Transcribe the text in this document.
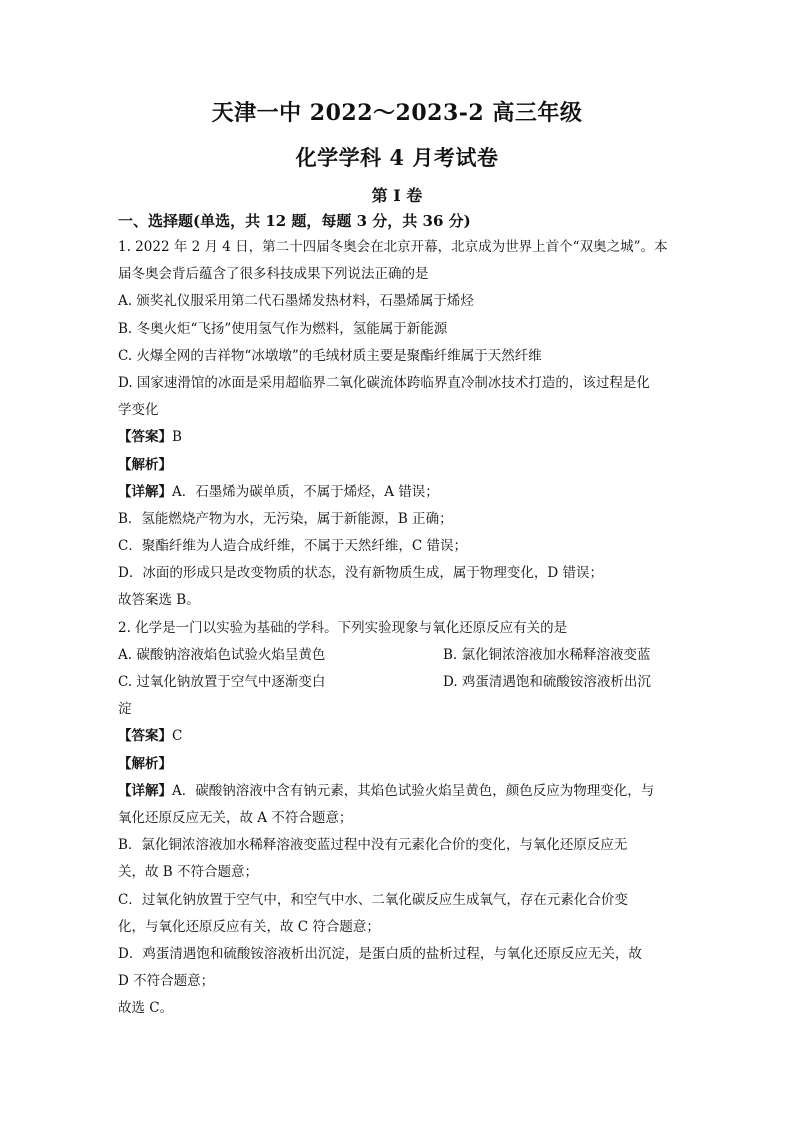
天津一中 2022～2023-2 高三年级
化学学科 4 月考试卷
第 I 卷
一、选择题(单选，共 12 题，每题 3 分，共 36 分)
1. 2022 年 2 月 4 日，第二十四届冬奥会在北京开幕，北京成为世界上首个“双奥之城”。本
届冬奥会背后蕴含了很多科技成果下列说法正确的是
A. 颁奖礼仪服采用第二代石墨烯发热材料，石墨烯属于烯烃
B. 冬奥火炬“飞扬”使用氢气作为燃料，氢能属于新能源
C. 火爆全网的吉祥物“冰墩墩”的毛绒材质主要是聚酯纤维属于天然纤维
D. 国家速滑馆的冰面是采用超临界二氧化碳流体跨临界直冷制冰技术打造的，该过程是化
学变化
【答案】B
【解析】
【详解】A．石墨烯为碳单质，不属于烯烃，A 错误；
B．氢能燃烧产物为水，无污染，属于新能源，B 正确；
C．聚酯纤维为人造合成纤维，不属于天然纤维，C 错误；
D．冰面的形成只是改变物质的状态，没有新物质生成，属于物理变化，D 错误；
故答案选 B。
2. 化学是一门以实验为基础的学科。下列实验现象与氧化还原反应有关的是
A. 碳酸钠溶液焰色试验火焰呈黄色	B. 氯化铜浓溶液加水稀释溶液变蓝
C. 过氧化钠放置于空气中逐渐变白	D. 鸡蛋清遇饱和硫酸铵溶液析出沉
淀
【答案】C
【解析】
【详解】A．碳酸钠溶液中含有钠元素，其焰色试验火焰呈黄色，颜色反应为物理变化，与
氧化还原反应无关，故 A 不符合题意；
B．氯化铜浓溶液加水稀释溶液变蓝过程中没有元素化合价的变化，与氧化还原反应无
关，故 B 不符合题意；
C．过氧化钠放置于空气中，和空气中水、二氧化碳反应生成氧气，存在元素化合价变
化，与氧化还原反应有关，故 C 符合题意；
D．鸡蛋清遇饱和硫酸铵溶液析出沉淀，是蛋白质的盐析过程，与氧化还原反应无关，故
D 不符合题意；
故选 C。
